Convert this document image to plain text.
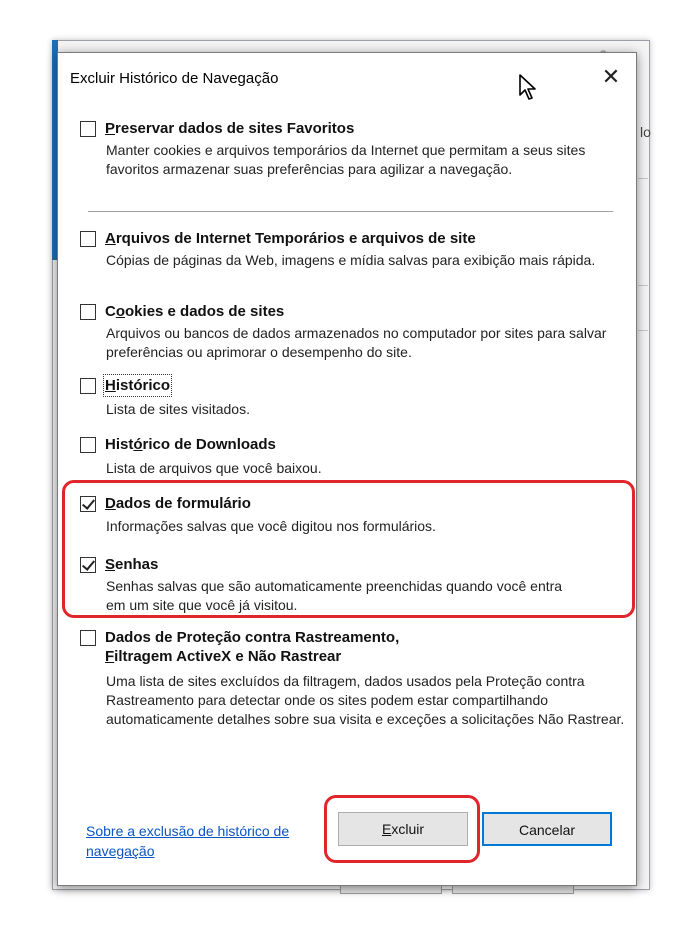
lo
Excluir Histórico de Navegação	✕
Preservar dados de sites Favoritos
Manter cookies e arquivos temporários da Internet que permitam a seus sites favoritos armazenar suas preferências para agilizar a navegação.
Arquivos de Internet Temporários e arquivos de site
Cópias de páginas da Web, imagens e mídia salvas para exibição mais rápida.
Cookies e dados de sites
Arquivos ou bancos de dados armazenados no computador por sites para salvar preferências ou aprimorar o desempenho do site.
Histórico
Lista de sites visitados.
Histórico de Downloads
Lista de arquivos que você baixou.
Dados de formulário
Informações salvas que você digitou nos formulários.
Senhas
Senhas salvas que são automaticamente preenchidas quando você entra em um site que você já visitou.
Dados de Proteção contra Rastreamento,
Filtragem ActiveX e Não Rastrear
Uma lista de sites excluídos da filtragem, dados usados pela Proteção contra Rastreamento para detectar onde os sites podem estar compartilhando automaticamente detalhes sobre sua visita e exceções a solicitações Não Rastrear.
Sobre a exclusão de histórico de navegação
Excluir	Cancelar
